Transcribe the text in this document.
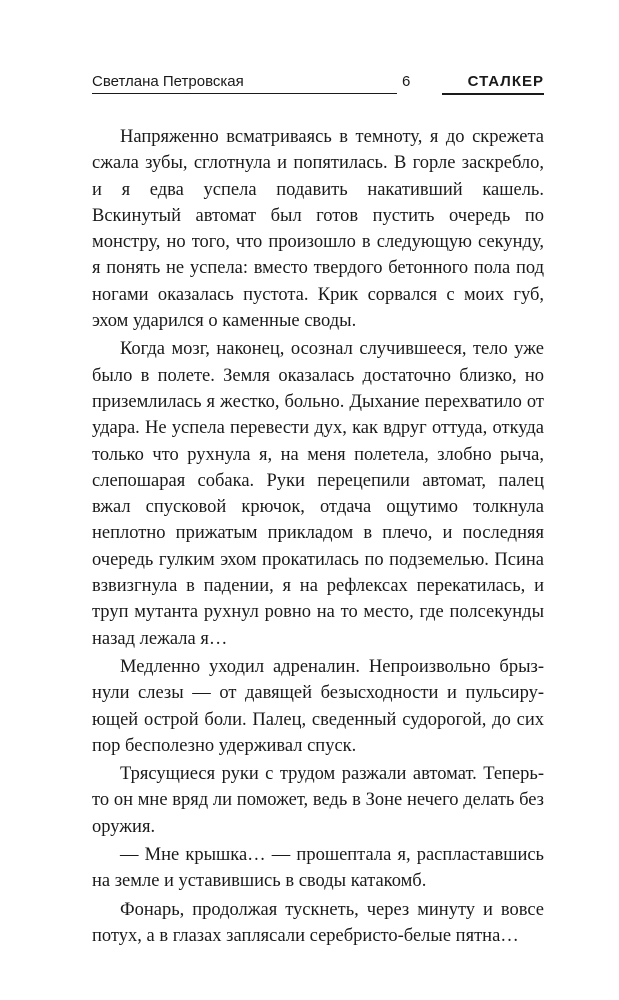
Светлана Петровская	6	СТАЛКЕР

Напряженно всматриваясь в темноту, я до скрежета сжала зубы, сглотнула и попятилась. В горле заскребло, и я едва успела подавить накативший кашель. Вскинутый автомат был готов пустить очередь по монстру, но того, что произошло в следующую секунду, я понять не успела: вместо твердого бетонного пола под ногами оказалась пустота. Крик сорвался с моих губ, эхом ударился о каменные своды.

Когда мозг, наконец, осознал случившееся, тело уже было в полете. Земля оказалась достаточно близко, но приземлилась я жестко, больно. Дыхание перехватило от удара. Не успела перевести дух, как вдруг оттуда, откуда только что рухнула я, на меня полетела, злобно рыча, слепошарая собака. Руки перецепили автомат, палец вжал спусковой крючок, отдача ощутимо толкнула неплотно прижатым прикладом в плечо, и последняя очередь гулким эхом прокатилась по подземелью. Псина взвизгнула в падении, я на рефлексах перекатилась, и труп мутанта рухнул ровно на то место, где полсекунды назад лежала я…

Медленно уходил адреналин. Непроизвольно брызнули слезы — от давящей безысходности и пульсирующей острой боли. Палец, сведенный судорогой, до сих пор бесполезно удерживал спуск.

Трясущиеся руки с трудом разжали автомат. Теперь-то он мне вряд ли поможет, ведь в Зоне нечего делать без оружия.

— Мне крышка… — прошептала я, распластавшись на земле и уставившись в своды катакомб.

Фонарь, продолжая тускнеть, через минуту и вовсе потух, а в глазах заплясали серебристо-белые пятна…
